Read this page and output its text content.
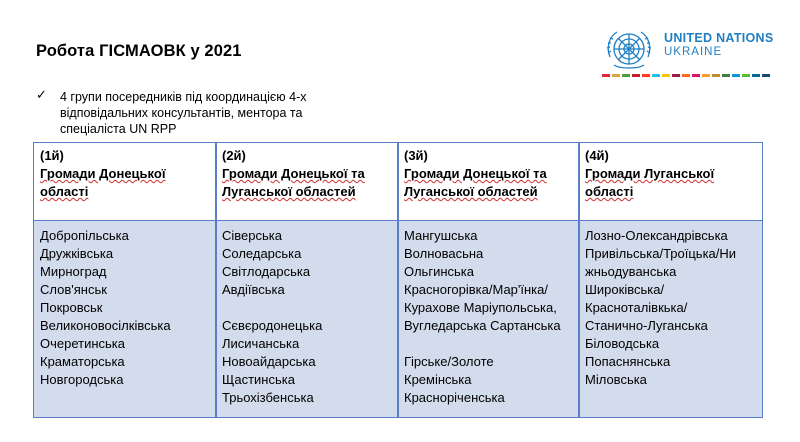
Робота ГІСМАОВК у 2021
UNITED NATIONS
UKRAINE
✓ 4 групи посередників під координацією 4-х відповідальних консультантів, ментора та спеціаліста UN RPP
(1й)
Громади Донецької області
Добропільська
Дружківська
Мирноград
Слов'янськ
Покровськ
Великоновосілківська
Очеретинська
Краматорська
Новгородська
(2й)
Громади Донецької та Луганської областей
Сіверська
Соледарська
Світлодарська
Авдіївська
Сєвєродонецька
Лисичанська
Новоайдарська
Щастинська
Трьохізбенська
(3й)
Громади Донецької та Луганської областей
Мангушська
Волновасьна
Ольгинська
Красногорівка/Мар'їнка/
Курахове Маріупольська,
Вугледарська Сартанська
Гірське/Золоте
Кремінська
Красноріченська
(4й)
Громади Луганської області
Лозно-Олександрівська
Привільська/Троїцька/Ни
жньодуванська
Широківська/
Красноталівкька/
Станично-Луганська
Біловодська
Попаснянська
Міловська
